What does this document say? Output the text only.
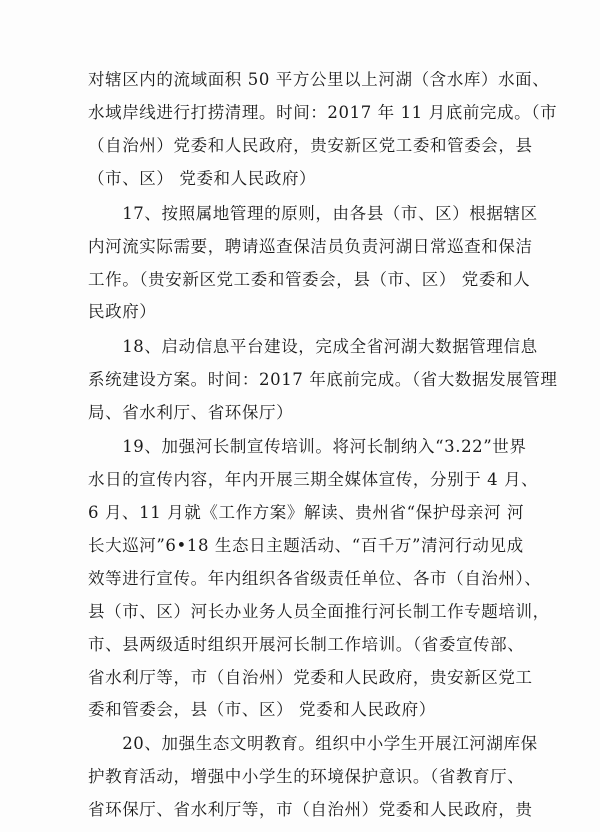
对辖区内的流域面积 50 平方公里以上河湖（含水库）水面、
水域岸线进行打捞清理。时间：2017 年 11 月底前完成。（市
（自治州）党委和人民政府，贵安新区党工委和管委会，县
（市、区） 党委和人民政府）
　　17、按照属地管理的原则，由各县（市、区）根据辖区
内河流实际需要，聘请巡查保洁员负责河湖日常巡查和保洁
工作。（贵安新区党工委和管委会，县（市、区） 党委和人
民政府）
　　18、启动信息平台建设，完成全省河湖大数据管理信息
系统建设方案。时间：2017 年底前完成。（省大数据发展管理
局、省水利厅、省环保厅）
　　19、加强河长制宣传培训。将河长制纳入“3.22”世界
水日的宣传内容，年内开展三期全媒体宣传，分别于 4 月、
6 月、11 月就《工作方案》解读、贵州省“保护母亲河 河
长大巡河”6•18 生态日主题活动、“百千万”清河行动见成
效等进行宣传。年内组织各省级责任单位、各市（自治州）、
县（市、区）河长办业务人员全面推行河长制工作专题培训，
市、县两级适时组织开展河长制工作培训。（省委宣传部、
省水利厅等，市（自治州）党委和人民政府，贵安新区党工
委和管委会，县（市、区） 党委和人民政府）
　　20、加强生态文明教育。组织中小学生开展江河湖库保
护教育活动，增强中小学生的环境保护意识。（省教育厅、
省环保厅、省水利厅等，市（自治州）党委和人民政府，贵
